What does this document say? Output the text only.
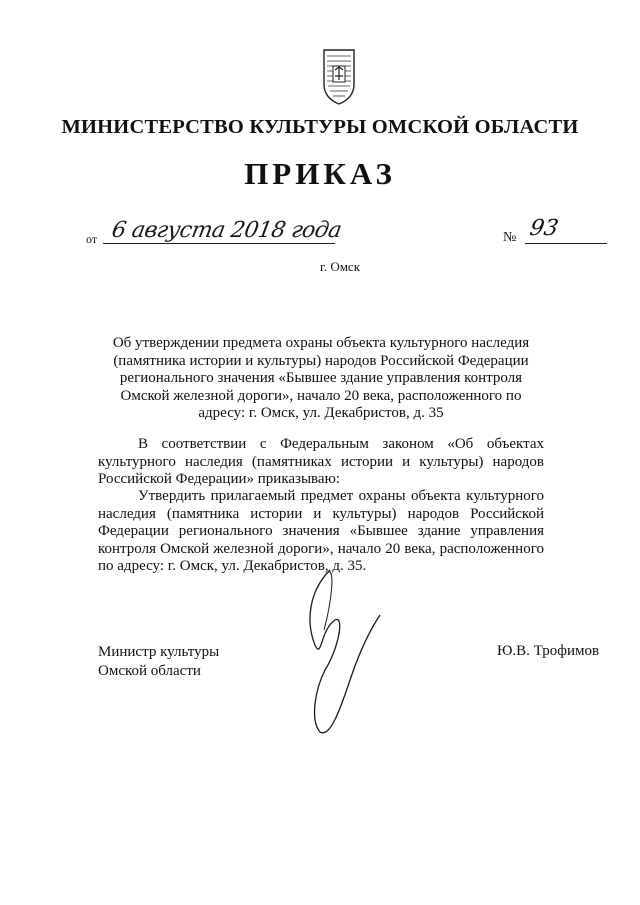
МИНИСТЕРСТВО КУЛЬТУРЫ ОМСКОЙ ОБЛАСТИ
ПРИКАЗ
от 6 августа 2018 года	№ 93
г. Омск
Об утверждении предмета охраны объекта культурного наследия (памятника истории и культуры) народов Российской Федерации регионального значения «Бывшее здание управления контроля Омской железной дороги», начало 20 века, расположенного по адресу: г. Омск, ул. Декабристов, д. 35
В соответствии с Федеральным законом «Об объектах культурного наследия (памятниках истории и культуры) народов Российской Федерации» приказываю:
Утвердить прилагаемый предмет охраны объекта культурного наследия (памятника истории и культуры) народов Российской Федерации регионального значения «Бывшее здание управления контроля Омской железной дороги», начало 20 века, расположенного по адресу: г. Омск, ул. Декабристов, д. 35.
Министр культуры
Омской области
Ю.В. Трофимов
